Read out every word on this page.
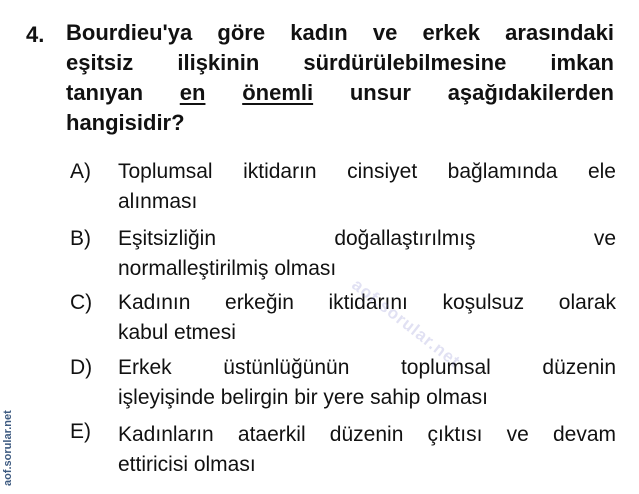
4. Bourdieu'ya göre kadın ve erkek arasındaki
eşitsiz ilişkinin sürdürülebilmesine imkan
tanıyan en önemli unsur aşağıdakilerden
hangisidir?
A) Toplumsal iktidarın cinsiyet bağlamında ele
alınması
B) Eşitsizliğin doğallaştırılmış ve
normalleştirilmiş olması
C) Kadının erkeğin iktidarını koşulsuz olarak
kabul etmesi
D) Erkek üstünlüğünün toplumsal düzenin
işleyişinde belirgin bir yere sahip olması
E) Kadınların ataerkil düzenin çıktısı ve devam
ettiricisi olması
aof.sorular.net
aof.sorular.net
